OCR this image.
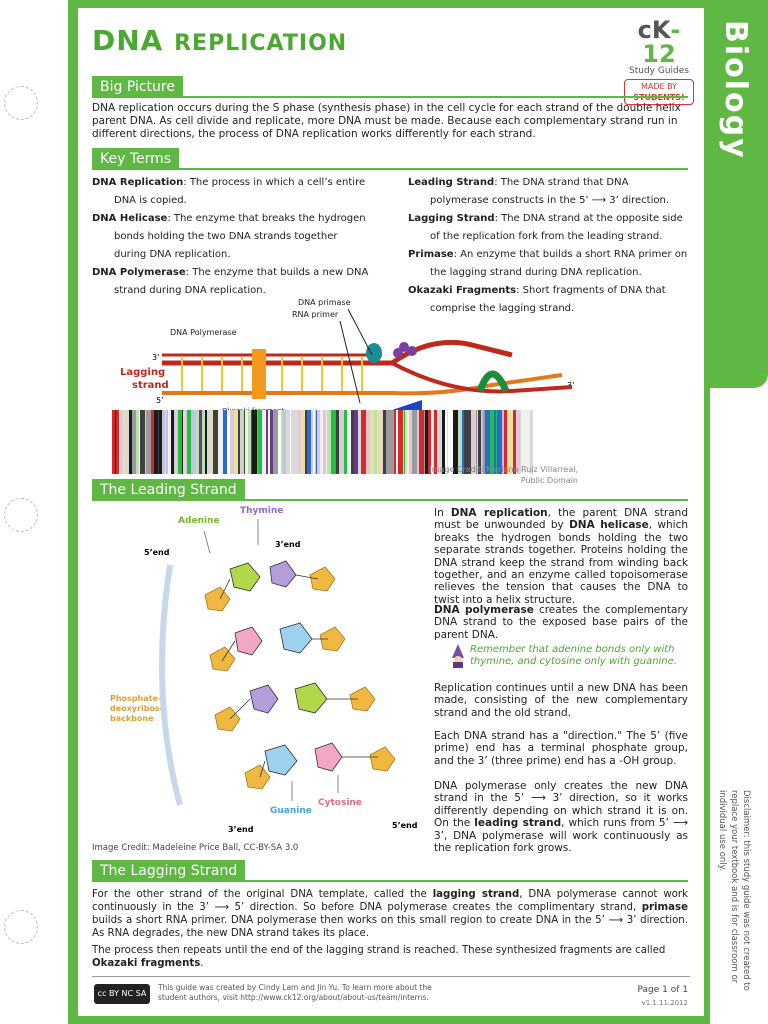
Biology
DNA REPLICATION	cK-12
Study Guides
MADE BY

Big Picture
DNA replication occurs during the S phase (synthesis phase) in the cell cycle for each strand of the double helix parent DNA. As cell divide and replicate, more DNA must be made. Because each complementary strand run in different directions, the process of DNA replication works differently for each strand.
Key Terms

DNA Replication: The process in which a cell’s entire DNA is copied.

DNA Helicase: The enzyme that breaks the hydrogen bonds holding the two DNA strands together during DNA replication.

DNA Polymerase: The enzyme that builds a new DNA strand during DNA replication.

Leading Strand: The DNA strand that DNA polymerase constructs in the 5’ ⟶ 3’ direction.

Lagging Strand: The DNA strand at the opposite side of the replication fork from the leading strand.

Primase: An enzyme that builds a short RNA primer on the lagging strand during DNA replication.

Okazaki Fragments: Short fragments of DNA that comprise the lagging strand.

DNA Polymerase
DNA primase
RNA primer
Lagging
strand
3’
5’
3’
Image Credit: Mariana Ruiz Villarreal,
Public Domain
The Leading Strand
Adenine
Thymine
Guanine
Cytosine
5’end
3’end
3’end	5’end
Phosphate-
deoxyribose
backbone
Image Credit: Madeleine Price Ball, CC-BY-SA 3.0
In DNA replication, the parent DNA strand must be unwounded by DNA helicase, which breaks the hydrogen bonds holding the two separate strands together. Proteins holding the DNA strand keep the strand from winding back together, and an enzyme called topoisomerase relieves the tension that causes the DNA to twist into a helix structure.
DNA polymerase creates the complementary DNA strand to the exposed base pairs of the parent DNA.
Remember that adenine bonds only with thymine, and cytosine only with guanine.
Replication continues until a new DNA has been made, consisting of the new complementary strand and the old strand.
Each DNA strand has a "direction." The 5’ (five prime) end has a terminal phosphate group, and the 3’ (three prime) end has a -OH group.
DNA polymerase only creates the new DNA strand in the 5’ ⟶ 3’ direction, so it works differently depending on which strand it is on. On the leading strand, which runs from 5’ ⟶ 3’, DNA polymerase will work continuously as the replication fork grows.
The Lagging Strand
For the other strand of the original DNA template, called the lagging strand, DNA polymerase cannot work continuously in the 3’ ⟶ 5’ direction. So before DNA polymerase creates the complimentary strand, primase builds a short RNA primer. DNA polymerase then works on this small region to create DNA in the 5’ ⟶ 3’ direction. As RNA degrades, the new DNA strand takes its place.
The process then repeats until the end of the lagging strand is reached. These synthesized fragments are called Okazaki fragments.
cc BY NC SA
This guide was created by Cindy Lam and Jin Yu. To learn more about the
student authors, visit http://www.ck12.org/about/about-us/team/interns.
Page 1 of 1
v1.1.11.2012
Disclaimer: this study guide was not created to replace your textbook and is for classroom or individual use only.
